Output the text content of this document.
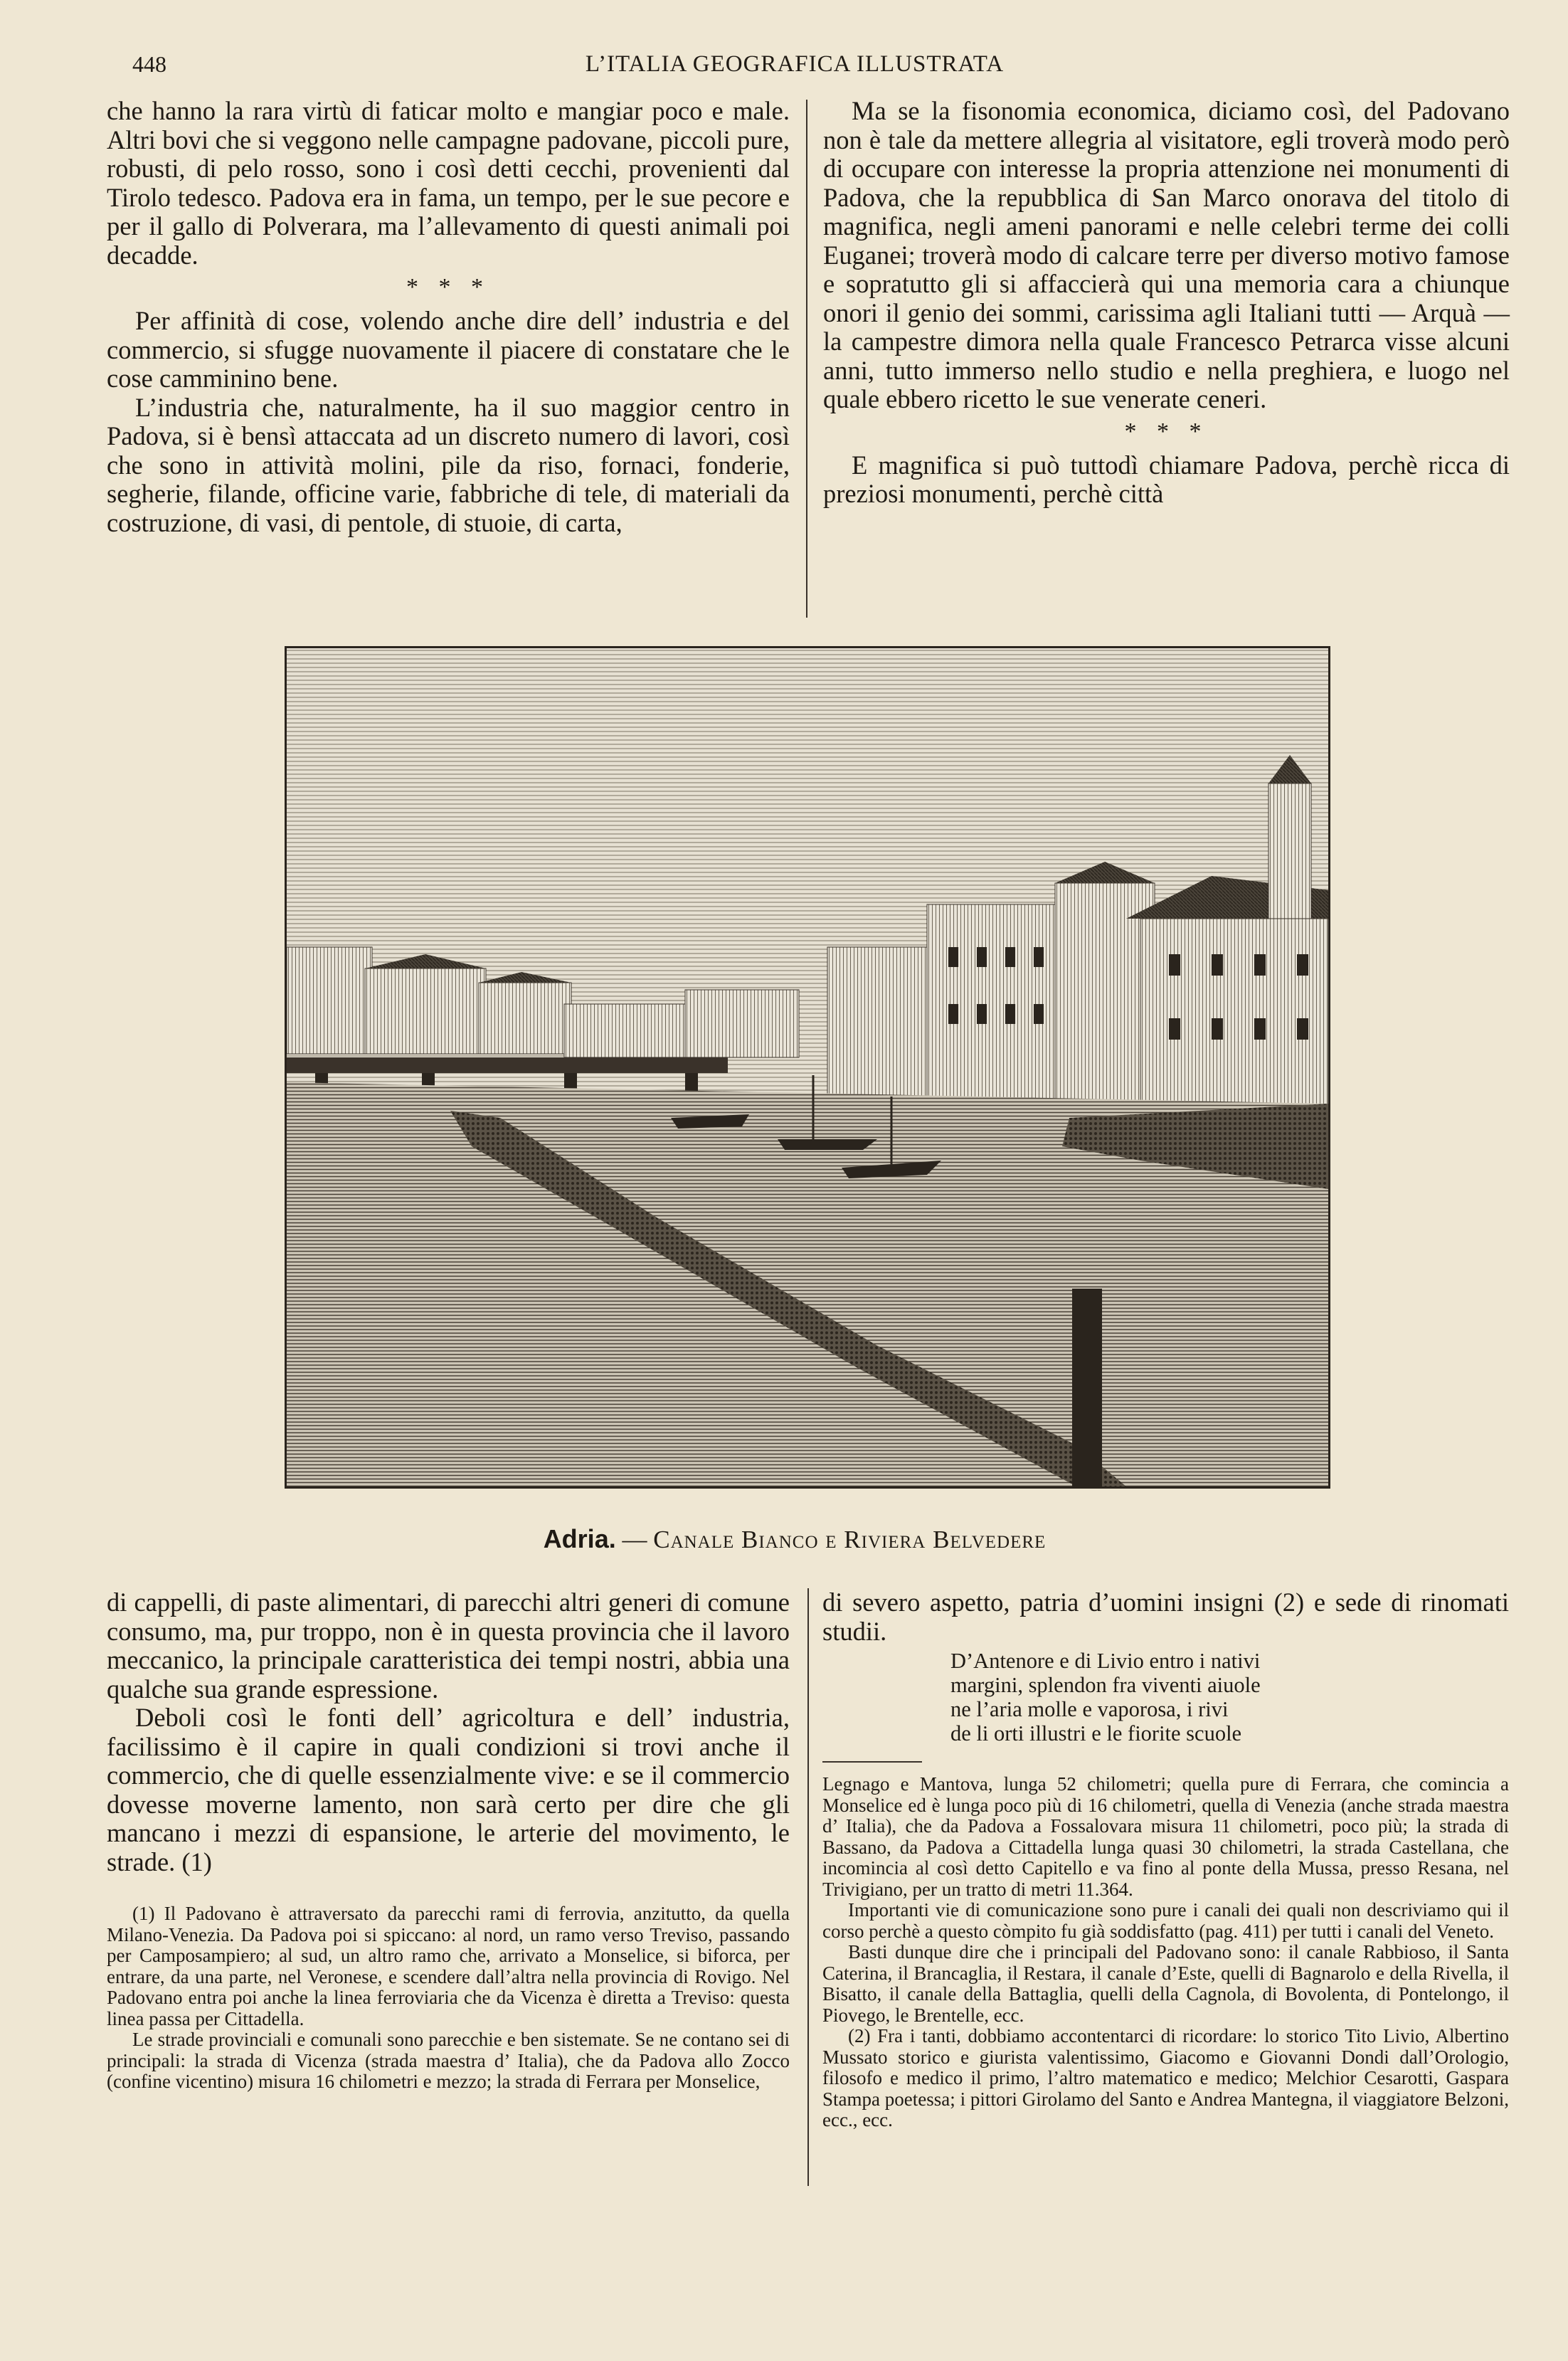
448	L’ITALIA GEOGRAFICA ILLUSTRATA

che hanno la rara virtù di faticar molto e mangiar poco e male. Altri bovi che si veggono nelle campagne padovane, piccoli pure, robusti, di pelo rosso, sono i così detti cecchi, provenienti dal Tirolo tedesco. Padova era in fama, un tempo, per le sue pecore e per il gallo di Polverara, ma l’allevamento di questi animali poi decadde.

* * *

Per affinità di cose, volendo anche dire dell’ industria e del commercio, si sfugge nuovamente il piacere di constatare che le cose camminino bene.

L’industria che, naturalmente, ha il suo maggior centro in Padova, si è bensì attaccata ad un discreto numero di lavori, così che sono in attività molini, pile da riso, fornaci, fonderie, segherie, filande, officine varie, fabbriche di tele, di materiali da costruzione, di vasi, di pentole, di stuoie, di carta,

Ma se la fisonomia economica, diciamo così, del Padovano non è tale da mettere allegria al visitatore, egli troverà modo però di occupare con interesse la propria attenzione nei monumenti di Padova, che la repubblica di San Marco onorava del titolo di magnifica, negli ameni panorami e nelle celebri terme dei colli Euganei; troverà modo di calcare terre per diverso motivo famose e sopratutto gli si affaccierà qui una memoria cara a chiunque onori il genio dei sommi, carissima agli Italiani tutti — Arquà — la campestre dimora nella quale Francesco Petrarca visse alcuni anni, tutto immerso nello studio e nella preghiera, e luogo nel quale ebbero ricetto le sue venerate ceneri.

* * *

E magnifica si può tuttodì chiamare Padova, perchè ricca di preziosi monumenti, perchè città

Adria. — Canale Bianco e Riviera Belvedere

di cappelli, di paste alimentari, di parecchi altri generi di comune consumo, ma, pur troppo, non è in questa provincia che il lavoro meccanico, la principale caratteristica dei tempi nostri, abbia una qualche sua grande espressione.

Deboli così le fonti dell’ agricoltura e dell’ industria, facilissimo è il capire in quali condizioni si trovi anche il commercio, che di quelle essenzialmente vive: e se il commercio dovesse moverne lamento, non sarà certo per dire che gli mancano i mezzi di espansione, le arterie del movimento, le strade. (1)

(1) Il Padovano è attraversato da parecchi rami di ferrovia, anzitutto, da quella Milano-Venezia. Da Padova poi si spiccano: al nord, un ramo verso Treviso, passando per Camposampiero; al sud, un altro ramo che, arrivato a Monselice, si biforca, per entrare, da una parte, nel Veronese, e scendere dall’altra nella provincia di Rovigo. Nel Padovano entra poi anche la linea ferroviaria che da Vicenza è diretta a Treviso: questa linea passa per Cittadella.

Le strade provinciali e comunali sono parecchie e ben sistemate. Se ne contano sei di principali: la strada di Vicenza (strada maestra d’ Italia), che da Padova allo Zocco (confine vicentino) misura 16 chilometri e mezzo; la strada di Ferrara per Monselice,

di severo aspetto, patria d’uomini insigni (2) e sede di rinomati studii.

D’Antenore e di Livio entro i nativi
margini, splendon fra viventi aiuole
ne l’aria molle e vaporosa, i rivi
de li orti illustri e le fiorite scuole

Legnago e Mantova, lunga 52 chilometri; quella pure di Ferrara, che comincia a Monselice ed è lunga poco più di 16 chilometri, quella di Venezia (anche strada maestra d’ Italia), che da Padova a Fossalovara misura 11 chilometri, poco più; la strada di Bassano, da Padova a Cittadella lunga quasi 30 chilometri, la strada Castellana, che incomincia al così detto Capitello e va fino al ponte della Mussa, presso Resana, nel Trivigiano, per un tratto di metri 11.364.

Importanti vie di comunicazione sono pure i canali dei quali non descriviamo qui il corso perchè a questo còmpito fu già soddisfatto (pag. 411) per tutti i canali del Veneto.

Basti dunque dire che i principali del Padovano sono: il canale Rabbioso, il Santa Caterina, il Brancaglia, il Restara, il canale d’Este, quelli di Bagnarolo e della Rivella, il Bisatto, il canale della Battaglia, quelli della Cagnola, di Bovolenta, di Pontelongo, il Piovego, le Brentelle, ecc.

(2) Fra i tanti, dobbiamo accontentarci di ricordare: lo storico Tito Livio, Albertino Mussato storico e giurista valentissimo, Giacomo e Giovanni Dondi dall’Orologio, filosofo e medico il primo, l’altro matematico e medico; Melchior Cesarotti, Gaspara Stampa poetessa; i pittori Girolamo del Santo e Andrea Mantegna, il viaggiatore Belzoni, ecc., ecc.
